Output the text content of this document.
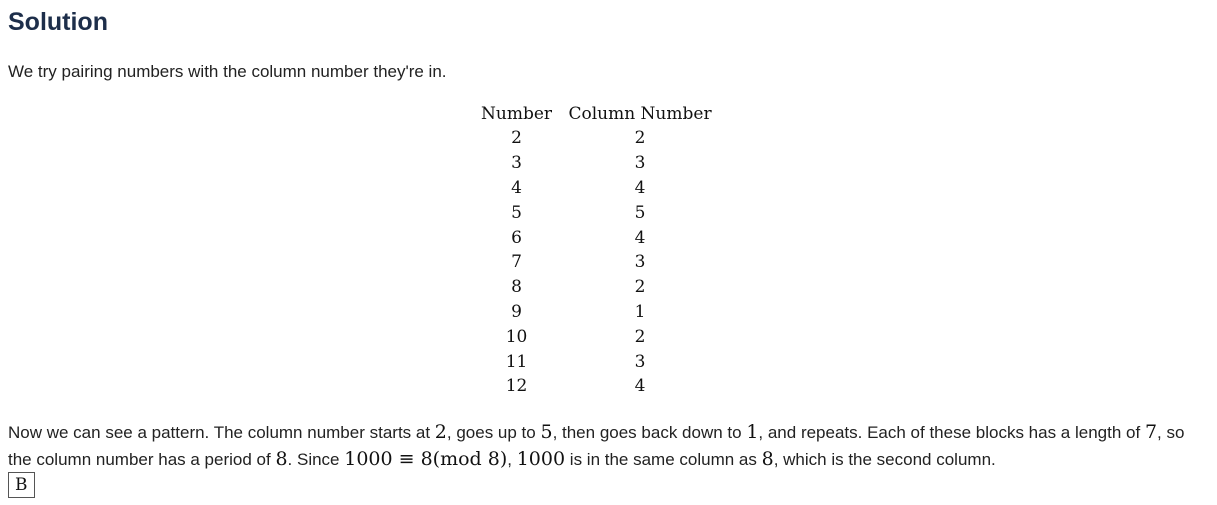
Solution

We try pairing numbers with the column number they're in.

Number	Column Number
2	2
3	3
4	4
5	5
6	4
7	3
8	2
9	1
10	2
11	3
12	4

Now we can see a pattern. The column number starts at 2, goes up to 5, then goes back down to 1, and repeats. Each of these blocks has a length of 7, so the column number has a period of 8. Since 1000 ≡ 8(mod 8), 1000 is in the same column as 8, which is the second column.

B
